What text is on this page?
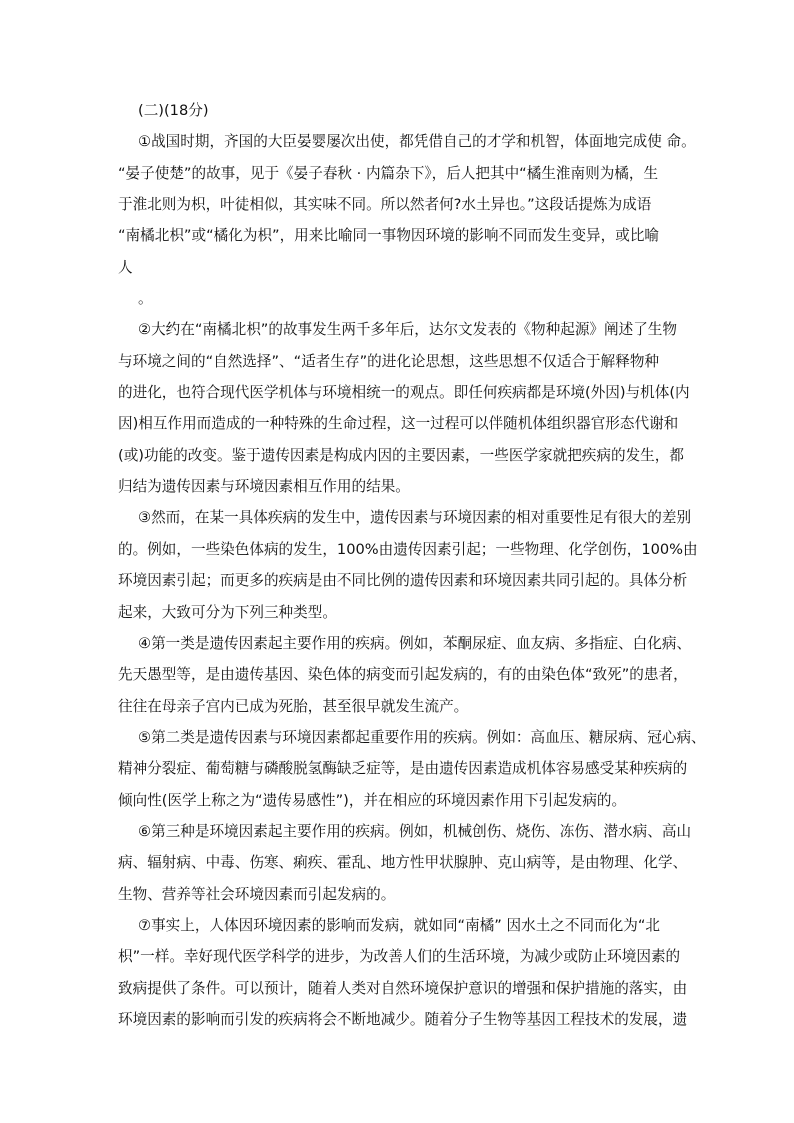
(二)(18分)
①战国时期，齐国的大臣晏婴屡次出使，都凭借自己的才学和机智，体面地完成使 命。
“晏子使楚”的故事，见于《晏子春秋 · 内篇杂下》，后人把其中“橘生淮南则为橘，生
于淮北则为枳，叶徒相似，其实味不同。所以然者何?水土异也。”这段话提炼为成语
“南橘北枳”或“橘化为枳”，用来比喻同一事物因环境的影响不同而发生变异，或比喻
人
。
②大约在“南橘北枳”的故事发生两千多年后，达尔文发表的《物种起源》阐述了生物
与环境之间的“自然选择”、“适者生存”的进化论思想，这些思想不仅适合于解释物种
的进化，也符合现代医学机体与环境相统一的观点。即任何疾病都是环境(外因)与机体(内
因)相互作用而造成的一种特殊的生命过程，这一过程可以伴随机体组织器官形态代谢和
(或)功能的改变。鉴于遗传因素是构成内因的主要因素，一些医学家就把疾病的发生，都
归结为遗传因素与环境因素相互作用的结果。
③然而，在某一具体疾病的发生中，遗传因素与环境因素的相对重要性足有很大的差别
的。例如，一些染色体病的发生，100%由遗传因素引起；一些物理、化学创伤，100%由
环境因素引起；而更多的疾病是由不同比例的遗传因素和环境因素共同引起的。具体分析
起来，大致可分为下列三种类型。
④第一类是遗传因素起主要作用的疾病。例如，苯酮尿症、血友病、多指症、白化病、
先天愚型等，是由遗传基因、染色体的病变而引起发病的，有的由染色体“致死”的患者，
往往在母亲子宫内已成为死胎，甚至很早就发生流产。
⑤第二类是遗传因素与环境因素都起重要作用的疾病。例如：高血压、糖尿病、冠心病、
精神分裂症、葡萄糖与磷酸脱氢酶缺乏症等，是由遗传因素造成机体容易感受某种疾病的
倾向性(医学上称之为“遗传易感性”)，并在相应的环境因素作用下引起发病的。
⑥第三种是环境因素起主要作用的疾病。例如，机械创伤、烧伤、冻伤、潜水病、高山
病、辐射病、中毒、伤寒、痢疾、霍乱、地方性甲状腺肿、克山病等，是由物理、化学、
生物、营养等社会环境因素而引起发病的。
⑦事实上，人体因环境因素的影响而发病，就如同“南橘” 因水土之不同而化为“北
枳”一样。幸好现代医学科学的进步，为改善人们的生活环境，为减少或防止环境因素的
致病提供了条件。可以预计，随着人类对自然环境保护意识的增强和保护措施的落实，由
环境因素的影响而引发的疾病将会不断地减少。随着分子生物等基因工程技术的发展，遗
